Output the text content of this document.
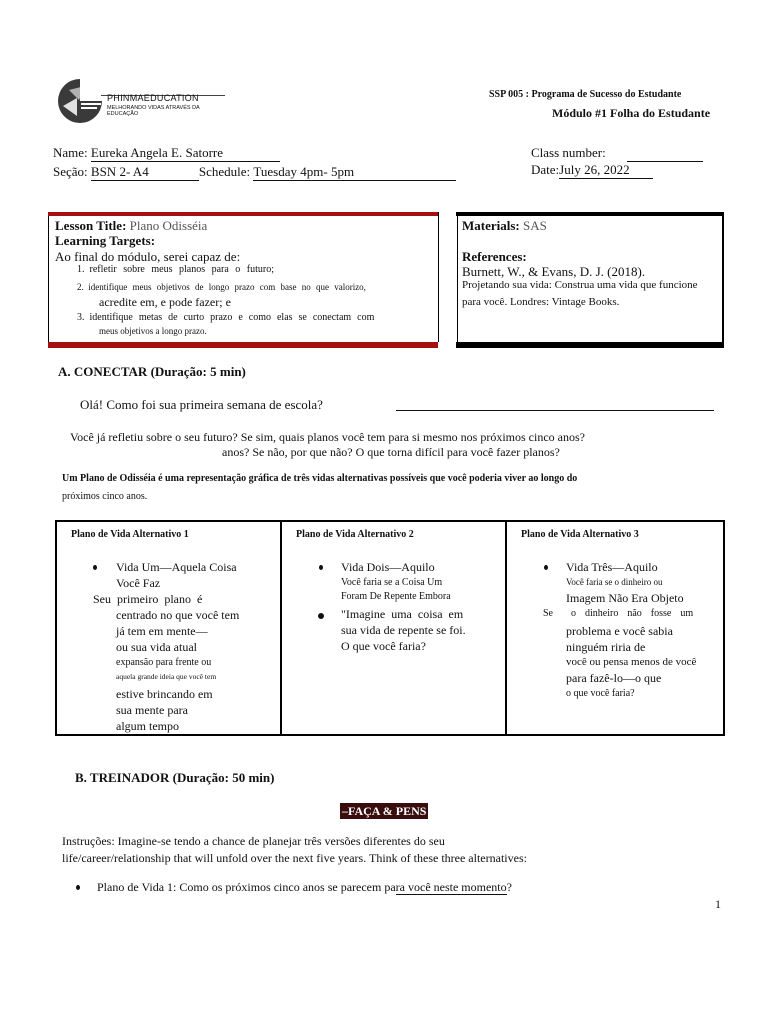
PHINMAEDUCATION
MELHORANDO VIDAS ATRAVÉS DA EDUCAÇÃO
SSP 005 : Programa de Sucesso do Estudante
Módulo #1 Folha do Estudante
Name: Eureka Angela E. Satorre
Seção: BSN 2- A4	Schedule: Tuesday 4pm- 5pm
Class number:
Date:July 26, 2022
Lesson Title: Plano Odisséia
Learning Targets:
Ao final do módulo, serei capaz de:
1. refletir sobre meus planos para o futuro;
2. identifique meus objetivos de longo prazo com base no que valorizo,
acredite em, e pode fazer; e
3. identifique metas de curto prazo e como elas se conectam com
meus objetivos a longo prazo.
Materials: SAS
References:
Burnett, W., & Evans, D. J. (2018).
Projetando sua vida: Construa uma vida que funcione
para você. Londres: Vintage Books.
A. CONECTAR (Duração: 5 min)
Olá! Como foi sua primeira semana de escola?
Você já refletiu sobre o seu futuro? Se sim, quais planos você tem para si mesmo nos próximos cinco anos?
anos? Se não, por que não? O que torna difícil para você fazer planos?
Um Plano de Odisséia é uma representação gráfica de três vidas alternativas possíveis que você poderia viver ao longo do
próximos cinco anos.
Plano de Vida Alternativo 1
Vida Um—Aquela Coisa
Você Faz
Seu  primeiro  plano  é
centrado no que você tem
já tem em mente—
ou sua vida atual
expansão para frente ou
aquela grande ideia que você tem
estive brincando em
sua mente para
algum tempo

Plano de Vida Alternativo 2
Vida Dois—Aquilo
Você faria se a Coisa Um
Foram De Repente Embora
"Imagine  uma  coisa  em
sua vida de repente se foi.
O que você faria?

Plano de Vida Alternativo 3
Vida Três—Aquilo
Você faria se o dinheiro ou
Imagem Não Era Objeto
Se    o  dinheiro  não  fosse  um
problema e você sabia
ninguém riria de
você ou pensa menos de você
para fazê-lo—o que
o que você faria?
B. TREINADOR (Duração: 50 min)
–FAÇA & PENS
Instruções: Imagine-se tendo a chance de planejar três versões diferentes do seu
life/career/relationship that will unfold over the next five years. Think of these three alternatives:
Plano de Vida 1: Como os próximos cinco anos se parecem para você neste momento?
1
